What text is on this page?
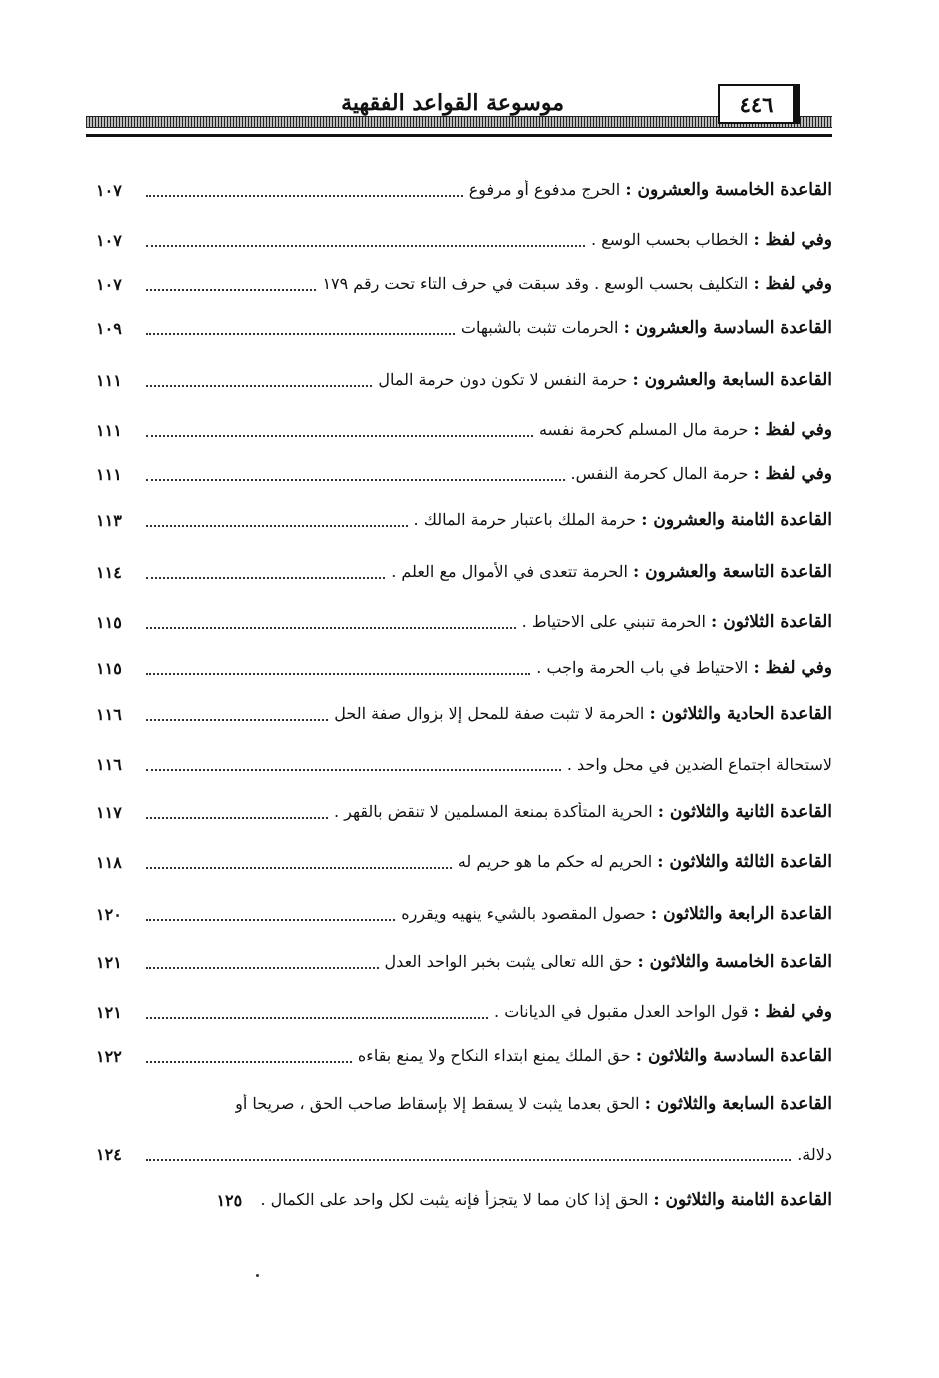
موسوعة القواعد الفقهية	٤٤٦
القاعدة الخامسة والعشرون : الحرج مدفوع أو مرفوع
١٠٧
وفي لفظ : الخطاب بحسب الوسع .
١٠٧
وفي لفظ : التكليف بحسب الوسع . وقد سبقت في حرف التاء تحت رقم ١٧٩
١٠٧
القاعدة السادسة والعشرون : الحرمات تثبت بالشبهات
١٠٩
القاعدة السابعة والعشرون : حرمة النفس لا تكون دون حرمة المال
١١١
وفي لفظ : حرمة مال المسلم كحرمة نفسه
١١١
وفي لفظ : حرمة المال كحرمة النفس.
١١١
القاعدة الثامنة والعشرون : حرمة الملك باعتبار حرمة المالك .
١١٣
القاعدة التاسعة والعشرون : الحرمة تتعدى في الأموال مع العلم .
١١٤
القاعدة الثلاثون : الحرمة تنبني على الاحتياط .
١١٥
وفي لفظ : الاحتياط في باب الحرمة واجب .
١١٥
القاعدة الحادية والثلاثون : الحرمة لا تثبت صفة للمحل إلا بزوال صفة الحل
١١٦
لاستحالة اجتماع الضدين في محل واحد .
١١٦
القاعدة الثانية والثلاثون : الحرية المتأكدة بمنعة المسلمين لا تنقض بالقهر .
١١٧
القاعدة الثالثة والثلاثون : الحريم له حكم ما هو حريم له
١١٨
القاعدة الرابعة والثلاثون : حصول المقصود بالشيء ينهيه ويقرره
١٢٠
القاعدة الخامسة والثلاثون : حق الله تعالى يثبت بخبر الواحد العدل
١٢١
وفي لفظ : قول الواحد العدل مقبول في الديانات .
١٢١
القاعدة السادسة والثلاثون : حق الملك يمنع ابتداء النكاح ولا يمنع بقاءه
١٢٢
القاعدة السابعة والثلاثون : الحق بعدما يثبت لا يسقط إلا بإسقاط صاحب الحق ، صريحا أو
دلالة.
١٢٤
القاعدة الثامنة والثلاثون : الحق إذا كان مما لا يتجزأ فإنه يثبت لكل واحد على الكمال .
١٢٥
